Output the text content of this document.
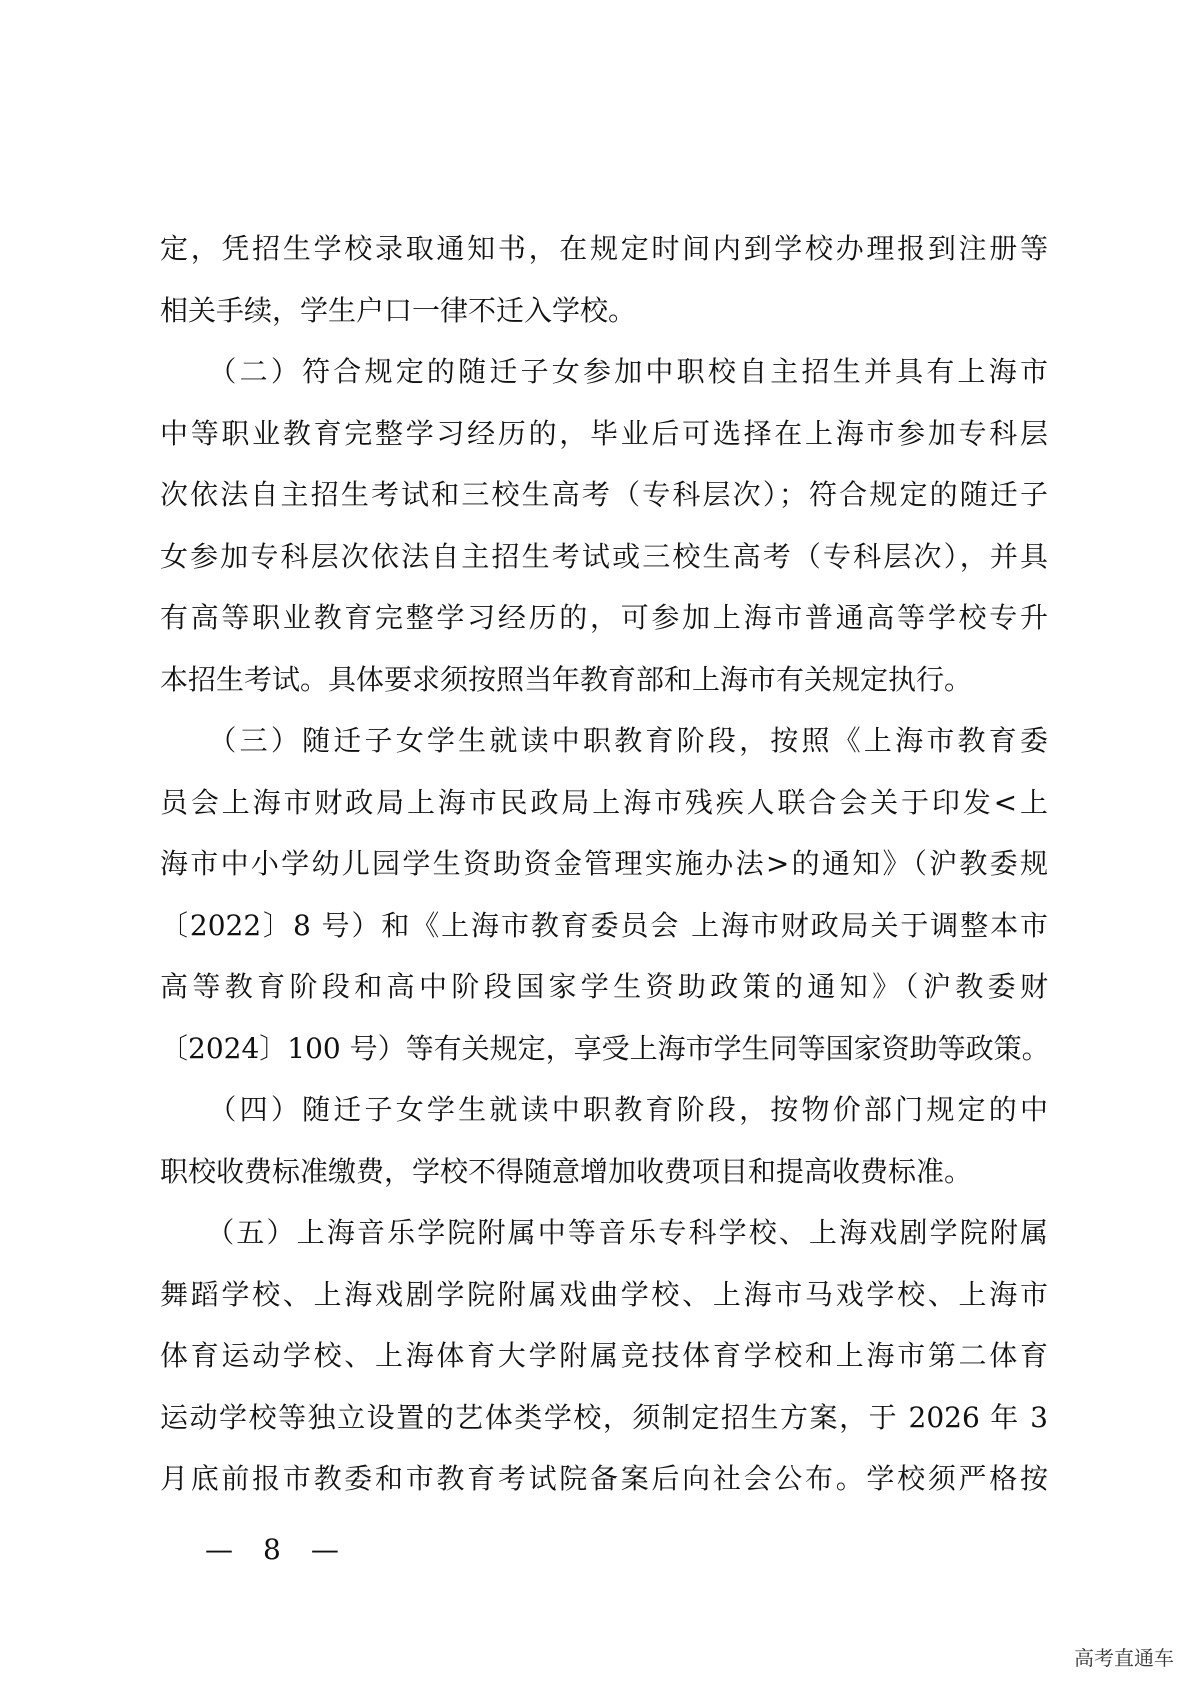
定，凭招生学校录取通知书，在规定时间内到学校办理报到注册等
相关手续，学生户口一律不迁入学校。
　　（二）符合规定的随迁子女参加中职校自主招生并具有上海市
中等职业教育完整学习经历的，毕业后可选择在上海市参加专科层
次依法自主招生考试和三校生高考（专科层次）；符合规定的随迁子
女参加专科层次依法自主招生考试或三校生高考（专科层次），并具
有高等职业教育完整学习经历的，可参加上海市普通高等学校专升
本招生考试。具体要求须按照当年教育部和上海市有关规定执行。
　　（三）随迁子女学生就读中职教育阶段，按照《上海市教育委
员会上海市财政局上海市民政局上海市残疾人联合会关于印发<上
海市中小学幼儿园学生资助资金管理实施办法>的通知》（沪教委规
〔2022〕8 号）和《上海市教育委员会 上海市财政局关于调整本市
高等教育阶段和高中阶段国家学生资助政策的通知》（沪教委财
〔2024〕100 号）等有关规定，享受上海市学生同等国家资助等政策。
　　（四）随迁子女学生就读中职教育阶段，按物价部门规定的中
职校收费标准缴费，学校不得随意增加收费项目和提高收费标准。
　　（五）上海音乐学院附属中等音乐专科学校、上海戏剧学院附属
舞蹈学校、上海戏剧学院附属戏曲学校、上海市马戏学校、上海市
体育运动学校、上海体育大学附属竞技体育学校和上海市第二体育
运动学校等独立设置的艺体类学校，须制定招生方案，于 2026 年 3
月底前报市教委和市教育考试院备案后向社会公布。学校须严格按
— 8 —
高考直通车
